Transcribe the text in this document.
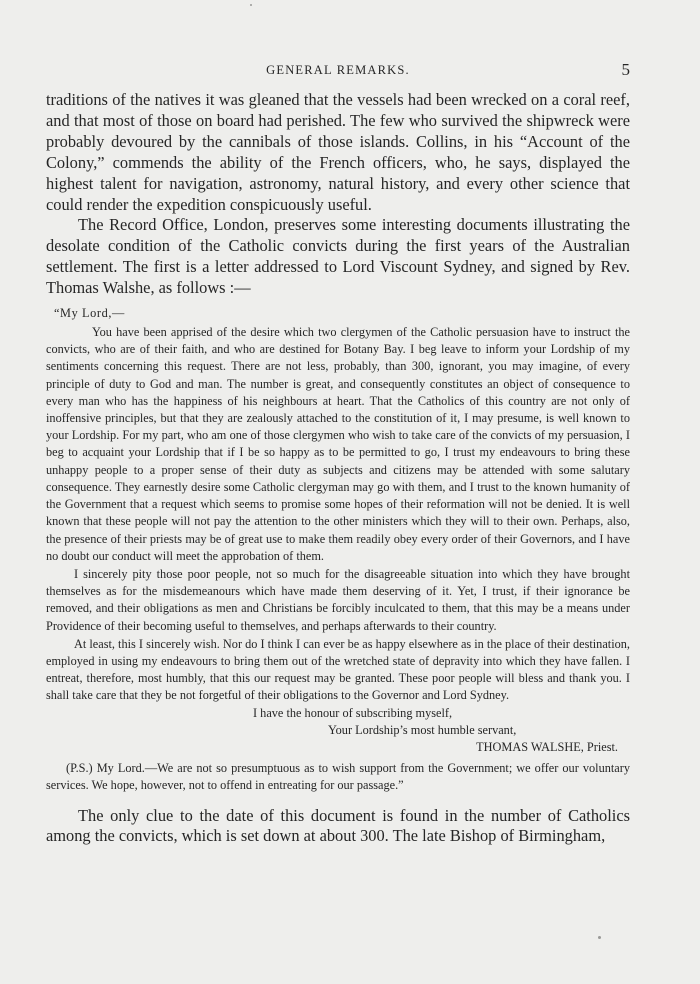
GENERAL REMARKS.	5

traditions of the natives it was gleaned that the vessels had been wrecked on a coral reef, and that most of those on board had perished. The few who survived the shipwreck were probably devoured by the cannibals of those islands. Collins, in his “Account of the Colony,” commends the ability of the French officers, who, he says, displayed the highest talent for navigation, astronomy, natural history, and every other science that could render the expedition conspicuously useful.

The Record Office, London, preserves some interesting documents illustrating the desolate condition of the Catholic convicts during the first years of the Australian settlement. The first is a letter addressed to Lord Viscount Sydney, and signed by Rev. Thomas Walshe, as follows :—

“My Lord,—

You have been apprised of the desire which two clergymen of the Catholic persuasion have to instruct the convicts, who are of their faith, and who are destined for Botany Bay. I beg leave to inform your Lordship of my sentiments concerning this request. There are not less, probably, than 300, ignorant, you may imagine, of every principle of duty to God and man. The number is great, and consequently constitutes an object of consequence to every man who has the happiness of his neighbours at heart. That the Catholics of this country are not only of inoffensive principles, but that they are zealously attached to the constitution of it, I may presume, is well known to your Lordship. For my part, who am one of those clergymen who wish to take care of the convicts of my persuasion, I beg to acquaint your Lordship that if I be so happy as to be permitted to go, I trust my endeavours to bring these unhappy people to a proper sense of their duty as subjects and citizens may be attended with some salutary consequence. They earnestly desire some Catholic clergyman may go with them, and I trust to the known humanity of the Government that a request which seems to promise some hopes of their reformation will not be denied. It is well known that these people will not pay the attention to the other ministers which they will to their own. Perhaps, also, the presence of their priests may be of great use to make them readily obey every order of their Governors, and I have no doubt our conduct will meet the approbation of them.

I sincerely pity those poor people, not so much for the disagreeable situation into which they have brought themselves as for the misdemeanours which have made them deserving of it. Yet, I trust, if their ignorance be removed, and their obligations as men and Christians be forcibly inculcated to them, that this may be a means under Providence of their becoming useful to themselves, and perhaps afterwards to their country.

At least, this I sincerely wish. Nor do I think I can ever be as happy elsewhere as in the place of their destination, employed in using my endeavours to bring them out of the wretched state of depravity into which they have fallen. I entreat, therefore, most humbly, that this our request may be granted. These poor people will bless and thank you. I shall take care that they be not forgetful of their obligations to the Governor and Lord Sydney.

I have the honour of subscribing myself,

Your Lordship’s most humble servant,

THOMAS WALSHE, Priest.

(P.S.) My Lord.—We are not so presumptuous as to wish support from the Government; we offer our voluntary services. We hope, however, not to offend in entreating for our passage.”

The only clue to the date of this document is found in the number of Catholics among the convicts, which is set down at about 300. The late Bishop of Birmingham,
